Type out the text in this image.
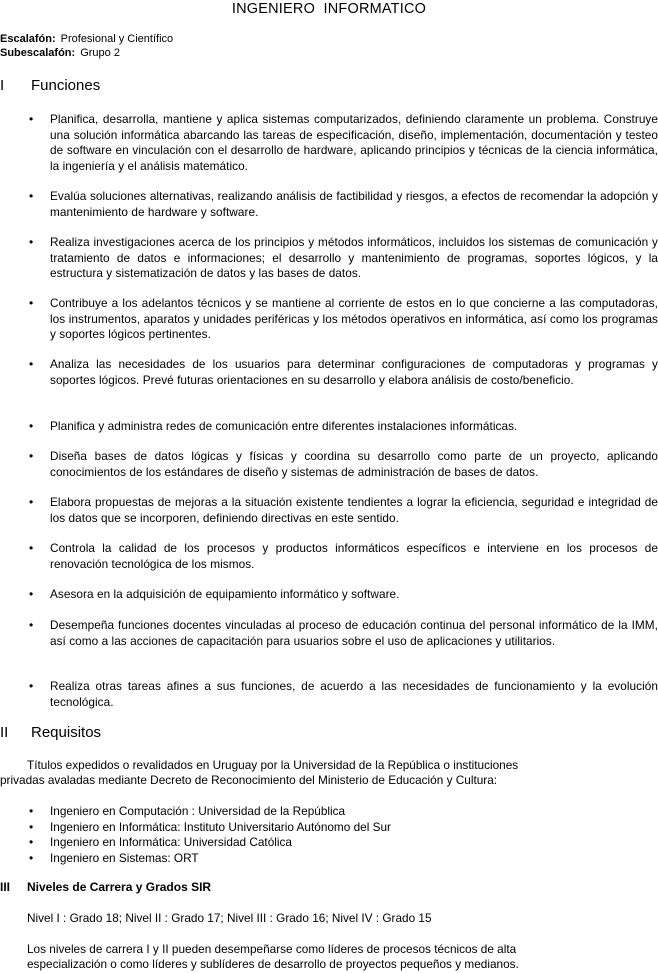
INGENIERO  INFORMATICO
Escalafón: Profesional y Científico
Subescalafón: Grupo 2
I Funciones
• Planifica, desarrolla, mantiene y aplica sistemas computarizados, definiendo claramente un problema. Construye una solución informática abarcando las tareas de especificación, diseño, implementación, documentación y testeo de software en vinculación con el desarrollo de hardware, aplicando principios y técnicas de la ciencia informática, la ingeniería y el análisis matemático.
• Evalúa soluciones alternativas, realizando análisis de factibilidad y riesgos, a efectos de recomendar la adopción y mantenimiento de hardware y software.
• Realiza investigaciones acerca de los principios y métodos informáticos, incluidos los sistemas de comunicación y tratamiento de datos e informaciones; el desarrollo y mantenimiento de programas, soportes lógicos, y la estructura y sistematización de datos y las bases de datos.
• Contribuye a los adelantos técnicos y se mantiene al corriente de estos en lo que concierne a las computadoras, los instrumentos, aparatos y unidades periféricas y los métodos operativos en informática, así como los programas y soportes lógicos pertinentes.
• Analiza las necesidades de los usuarios para determinar configuraciones de computadoras y programas y soportes lógicos. Prevé futuras orientaciones en su desarrollo y elabora análisis de costo/beneficio.
• Planifica y administra redes de comunicación entre diferentes instalaciones informáticas.
• Diseña bases de datos lógicas y físicas y coordina su desarrollo como parte de un proyecto, aplicando conocimientos de los estándares de diseño y sistemas de administración de bases de datos.
• Elabora propuestas de mejoras a la situación existente tendientes a lograr la eficiencia, seguridad e integridad de los datos que se incorporen, definiendo directivas en este sentido.
• Controla la calidad de los procesos y productos informáticos específicos e interviene en los procesos de renovación tecnológica de los mismos.
• Asesora en la adquisición de equipamiento informático y software.
• Desempeña funciones docentes vinculadas al proceso de educación continua del personal informático de la IMM, así como a las acciones de capacitación para usuarios sobre el uso de aplicaciones y utilitarios.
• Realiza otras tareas afines a sus funciones, de acuerdo a las necesidades de funcionamiento y la evolución tecnológica.
II Requisitos
Títulos expedidos o revalidados en Uruguay por la Universidad de la República o instituciones
privadas avaladas mediante Decreto de Reconocimiento del Ministerio de Educación y Cultura:
• Ingeniero en Computación : Universidad de la República
• Ingeniero en Informática: Instituto Universitario Autónomo del Sur
• Ingeniero en Informática: Universidad Católica
• Ingeniero en Sistemas: ORT
III Niveles de Carrera y Grados SIR
Nivel I : Grado 18; Nivel II : Grado 17; Nivel III : Grado 16; Nivel IV : Grado 15
Los niveles de carrera I y II pueden desempeñarse como líderes de procesos técnicos de alta
especialización o como líderes y sublíderes de desarrollo de proyectos pequeños y medianos.
